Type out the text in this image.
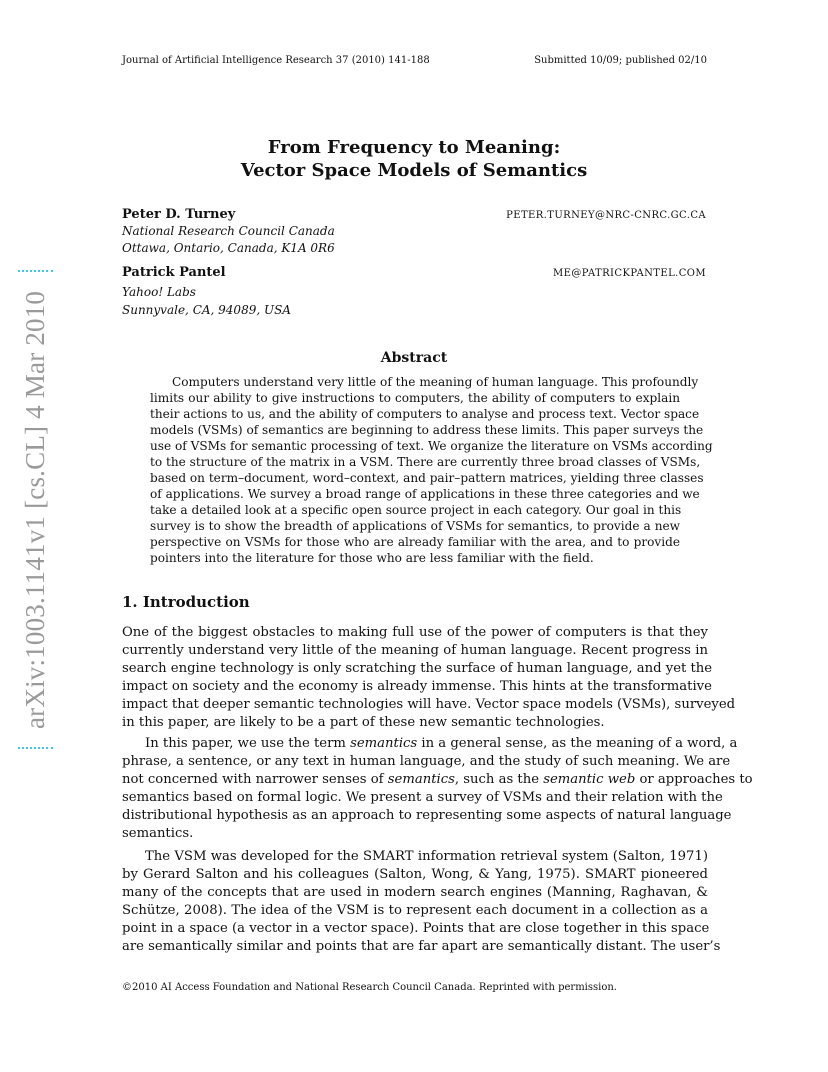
Journal of Artificial Intelligence Research 37 (2010) 141-188	Submitted 10/09; published 02/10
From Frequency to Meaning:
Vector Space Models of Semantics
Peter D. Turney	PETER.TURNEY@NRC-CNRC.GC.CA
National Research Council Canada
Ottawa, Ontario, Canada, K1A 0R6
Patrick Pantel	ME@PATRICKPANTEL.COM
Yahoo! Labs
Sunnyvale, CA, 94089, USA
Abstract
Computers understand very little of the meaning of human language. This profoundly
limits our ability to give instructions to computers, the ability of computers to explain
their actions to us, and the ability of computers to analyse and process text. Vector space
models (VSMs) of semantics are beginning to address these limits. This paper surveys the
use of VSMs for semantic processing of text. We organize the literature on VSMs according
to the structure of the matrix in a VSM. There are currently three broad classes of VSMs,
based on term–document, word–context, and pair–pattern matrices, yielding three classes
of applications. We survey a broad range of applications in these three categories and we
take a detailed look at a specific open source project in each category. Our goal in this
survey is to show the breadth of applications of VSMs for semantics, to provide a new
perspective on VSMs for those who are already familiar with the area, and to provide
pointers into the literature for those who are less familiar with the field.
1. Introduction
One of the biggest obstacles to making full use of the power of computers is that they
currently understand very little of the meaning of human language. Recent progress in
search engine technology is only scratching the surface of human language, and yet the
impact on society and the economy is already immense. This hints at the transformative
impact that deeper semantic technologies will have. Vector space models (VSMs), surveyed
in this paper, are likely to be a part of these new semantic technologies.
In this paper, we use the term semantics in a general sense, as the meaning of a word, a
phrase, a sentence, or any text in human language, and the study of such meaning. We are
not concerned with narrower senses of semantics, such as the semantic web or approaches to
semantics based on formal logic. We present a survey of VSMs and their relation with the
distributional hypothesis as an approach to representing some aspects of natural language
semantics.
The VSM was developed for the SMART information retrieval system (Salton, 1971)
by Gerard Salton and his colleagues (Salton, Wong, & Yang, 1975). SMART pioneered
many of the concepts that are used in modern search engines (Manning, Raghavan, &
Schütze, 2008). The idea of the VSM is to represent each document in a collection as a
point in a space (a vector in a vector space). Points that are close together in this space
are semantically similar and points that are far apart are semantically distant. The user’s
©2010 AI Access Foundation and National Research Council Canada. Reprinted with permission.
arXiv:1003.1141v1 [cs.CL] 4 Mar 2010
